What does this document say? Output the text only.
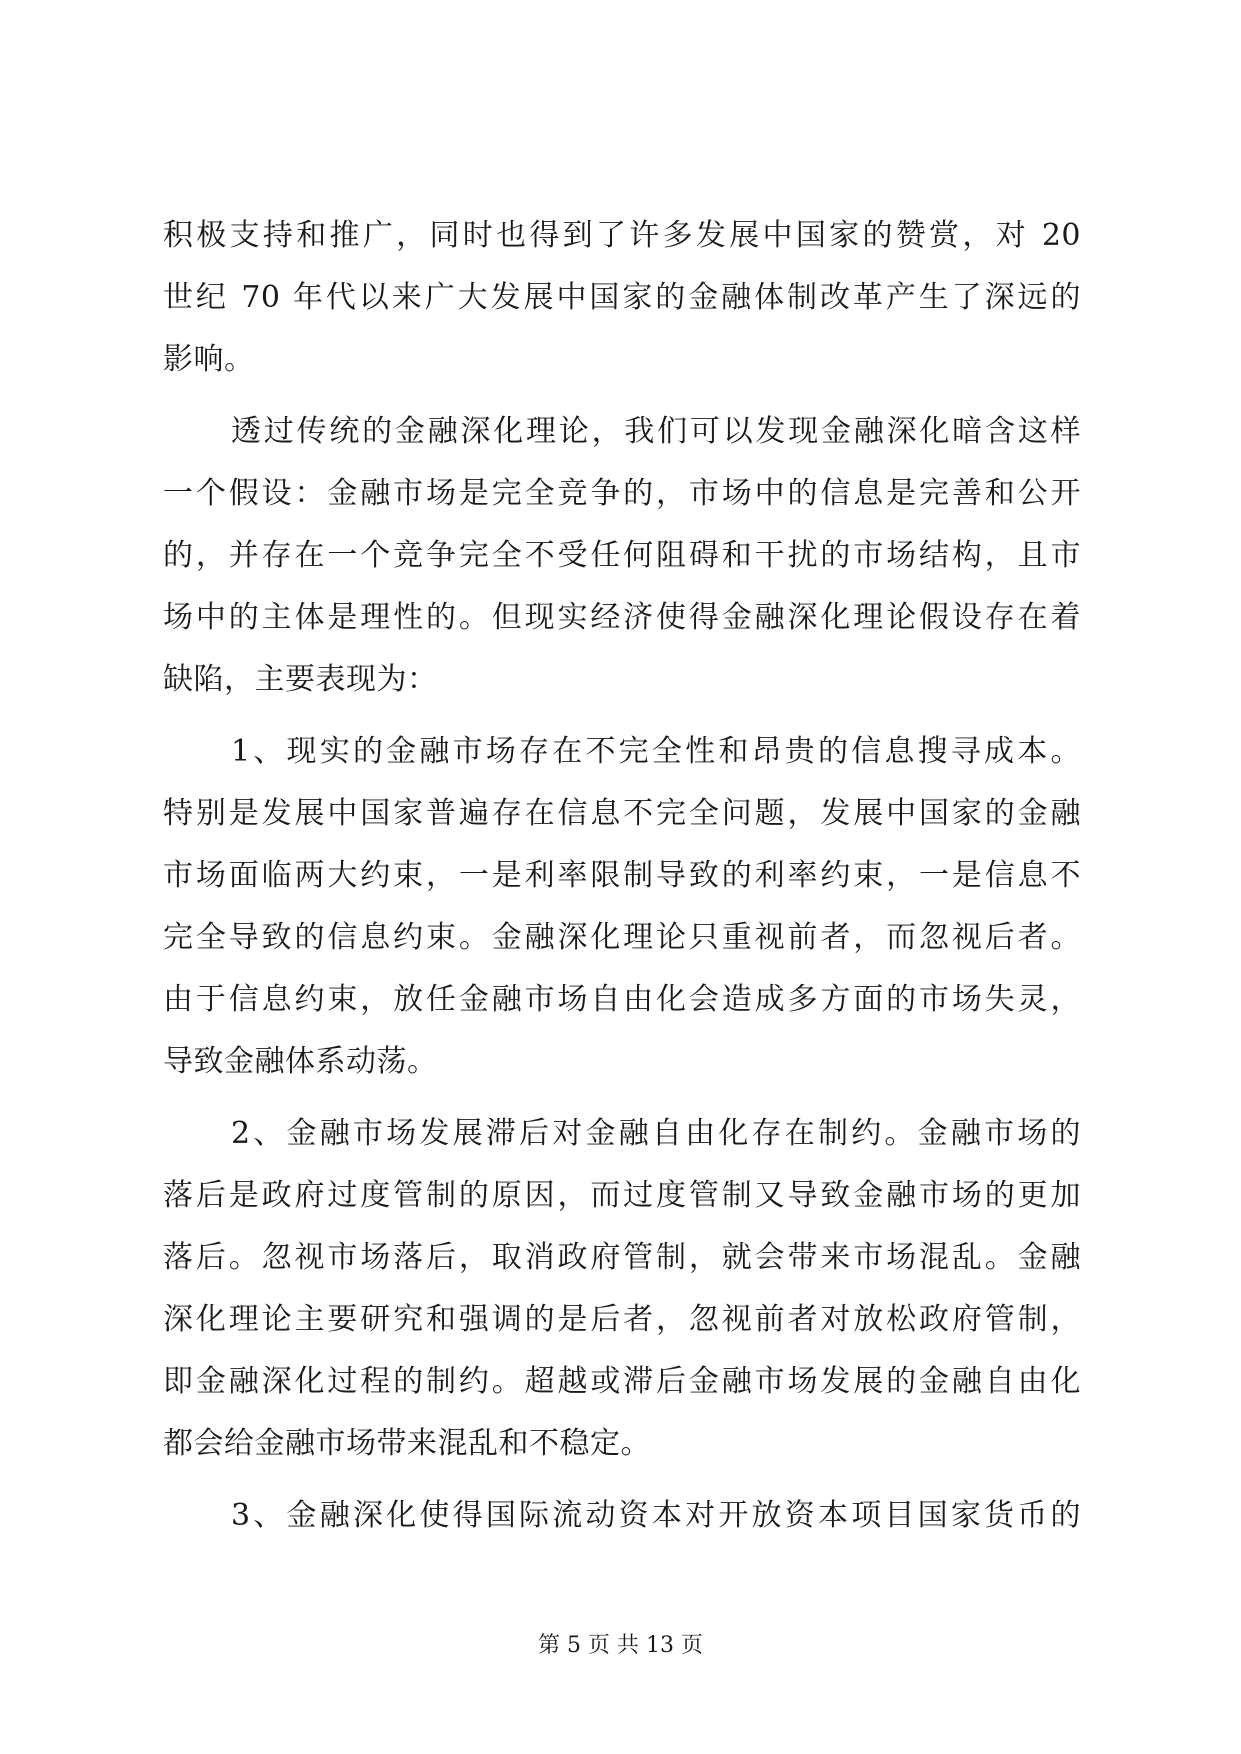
积极支持和推广，同时也得到了许多发展中国家的赞赏，对 20
世纪 70 年代以来广大发展中国家的金融体制改革产生了深远的
影响。
透过传统的金融深化理论，我们可以发现金融深化暗含这样
一个假设：金融市场是完全竞争的，市场中的信息是完善和公开
的，并存在一个竞争完全不受任何阻碍和干扰的市场结构，且市
场中的主体是理性的。但现实经济使得金融深化理论假设存在着
缺陷，主要表现为：
1、现实的金融市场存在不完全性和昂贵的信息搜寻成本。
特别是发展中国家普遍存在信息不完全问题，发展中国家的金融
市场面临两大约束，一是利率限制导致的利率约束，一是信息不
完全导致的信息约束。金融深化理论只重视前者，而忽视后者。
由于信息约束，放任金融市场自由化会造成多方面的市场失灵，
导致金融体系动荡。
2、金融市场发展滞后对金融自由化存在制约。金融市场的
落后是政府过度管制的原因，而过度管制又导致金融市场的更加
落后。忽视市场落后，取消政府管制，就会带来市场混乱。金融
深化理论主要研究和强调的是后者，忽视前者对放松政府管制，
即金融深化过程的制约。超越或滞后金融市场发展的金融自由化
都会给金融市场带来混乱和不稳定。
3、金融深化使得国际流动资本对开放资本项目国家货币的
第 5 页 共 13 页
